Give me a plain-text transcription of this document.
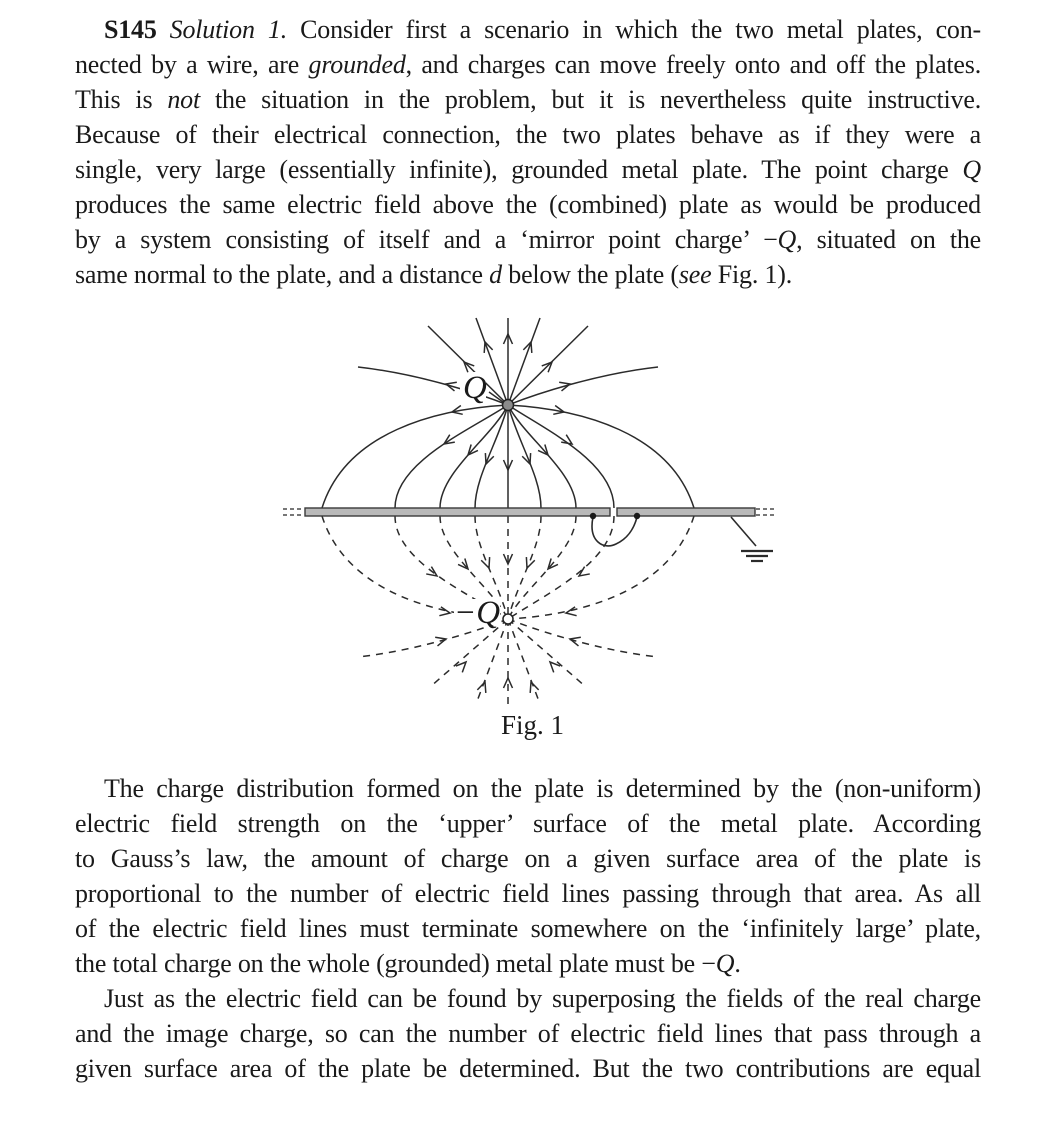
S145 Solution 1. Consider first a scenario in which the two metal plates, con-
nected by a wire, are grounded, and charges can move freely onto and off the plates.
This is not the situation in the problem, but it is nevertheless quite instructive.
Because of their electrical connection, the two plates behave as if they were a
single, very large (essentially infinite), grounded metal plate. The point charge Q
produces the same electric field above the (combined) plate as would be produced
by a system consisting of itself and a ‘mirror point charge’ −Q, situated on the
same normal to the plate, and a distance d below the plate (see Fig. 1).
Q
−Q
Fig. 1
The charge distribution formed on the plate is determined by the (non-uniform)
electric field strength on the ‘upper’ surface of the metal plate. According
to Gauss’s law, the amount of charge on a given surface area of the plate is
proportional to the number of electric field lines passing through that area. As all
of the electric field lines must terminate somewhere on the ‘infinitely large’ plate,
the total charge on the whole (grounded) metal plate must be −Q.
Just as the electric field can be found by superposing the fields of the real charge
and the image charge, so can the number of electric field lines that pass through a
given surface area of the plate be determined. But the two contributions are equal
